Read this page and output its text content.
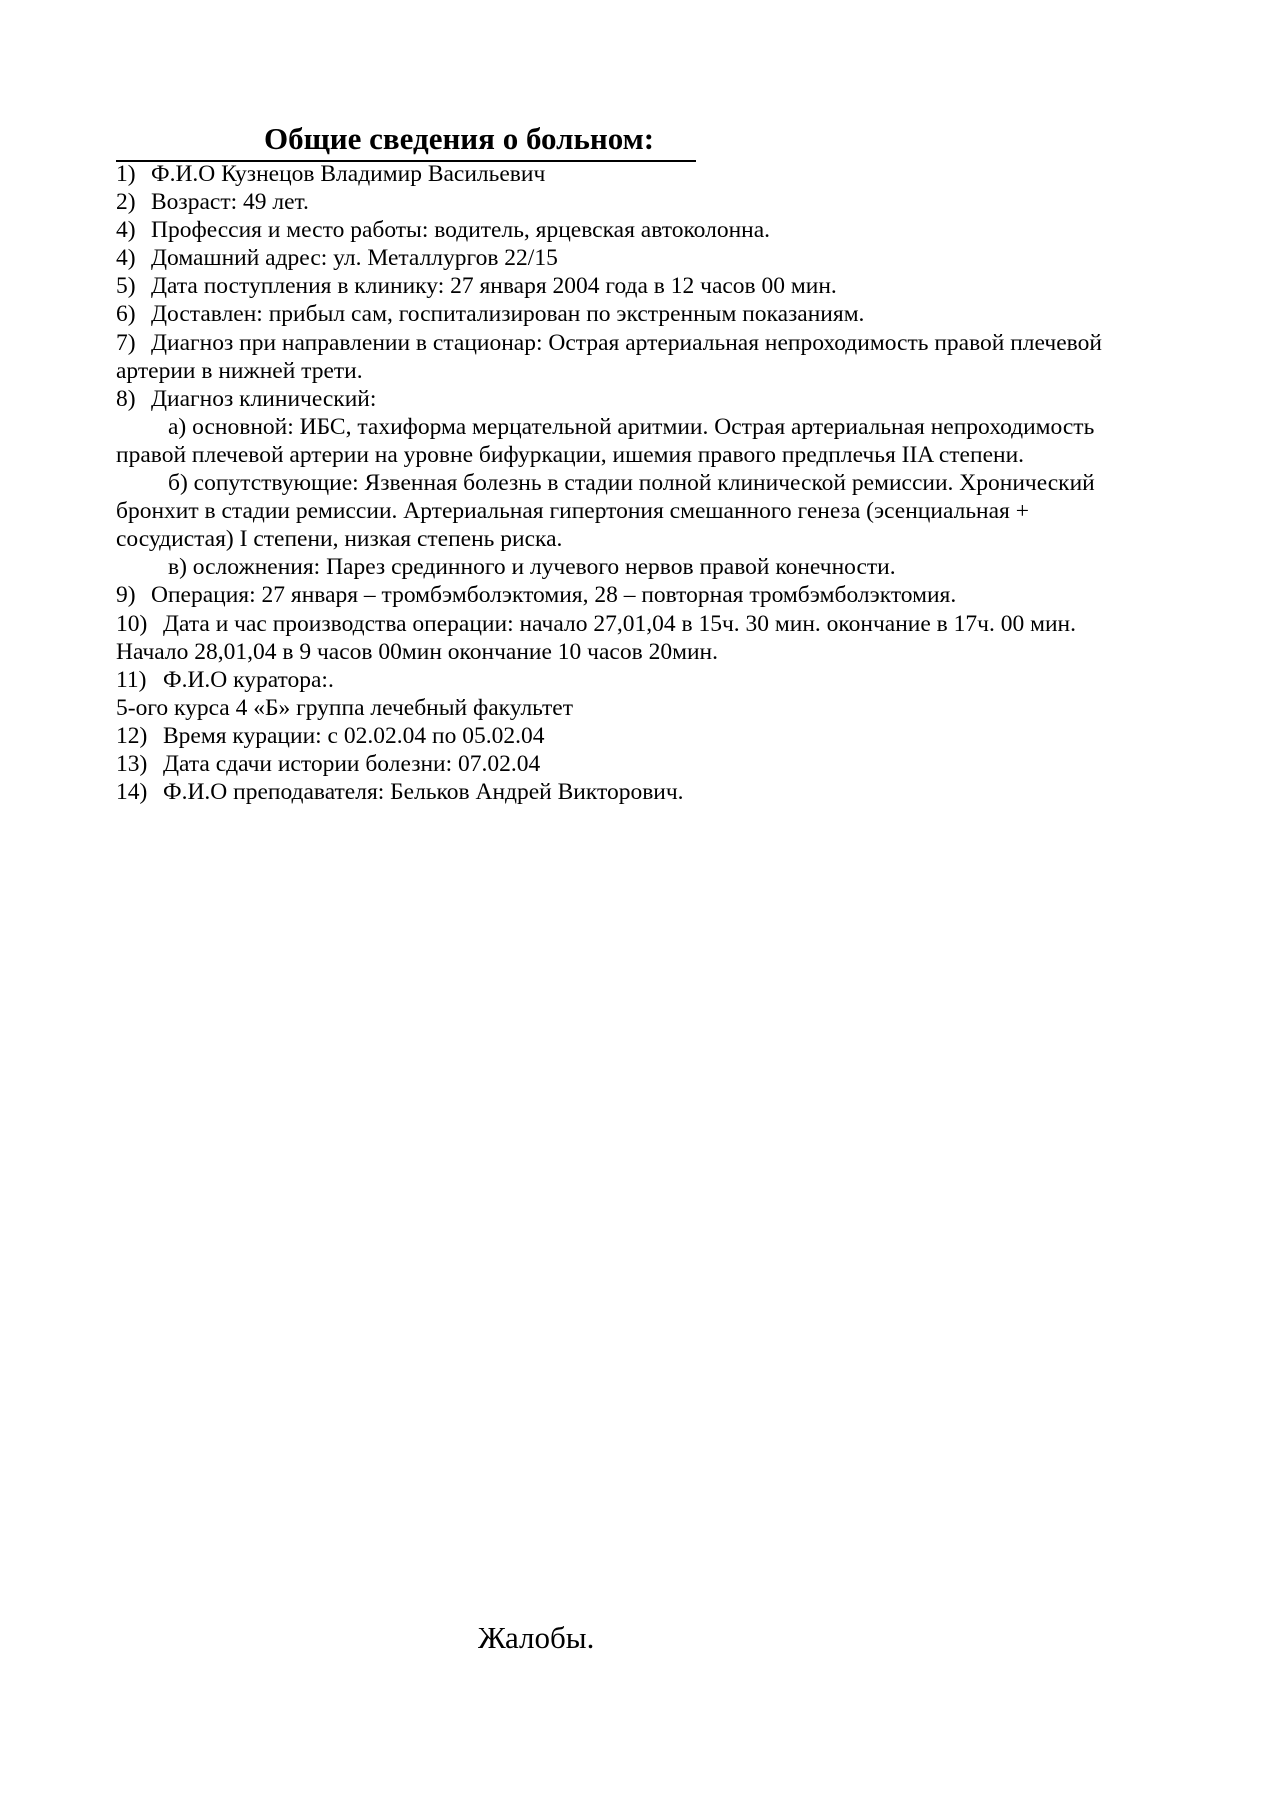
Общие сведения о больном:
1) Ф.И.О Кузнецов Владимир Васильевич
2) Возраст: 49 лет.
4) Профессия и место работы: водитель, ярцевская автоколонна.
4) Домашний адрес: ул. Металлургов 22/15
5) Дата поступления в клинику: 27 января 2004 года в 12 часов 00 мин.
6) Доставлен: прибыл сам, госпитализирован по экстренным показаниям.
7) Диагноз при направлении в стационар: Острая артериальная непроходимость правой плечевой
артерии в нижней трети.
8) Диагноз клинический:
а) основной: ИБС, тахиформа мерцательной аритмии. Острая артериальная непроходимость
правой плечевой артерии на уровне бифуркации, ишемия правого предплечья IIA степени.
б) сопутствующие: Язвенная болезнь в стадии полной клинической ремиссии. Хронический
бронхит в стадии ремиссии. Артериальная гипертония смешанного генеза (эсенциальная +
сосудистая) I степени, низкая степень риска.
в) осложнения: Парез срединного и лучевого нервов правой конечности.
9) Операция: 27 января – тромбэмболэктомия, 28 – повторная тромбэмболэктомия.
10) Дата и час производства операции: начало 27,01,04 в 15ч. 30 мин. окончание в 17ч. 00 мин.
Начало 28,01,04 в 9 часов 00мин окончание 10 часов 20мин.
11) Ф.И.О куратора:.
5-ого курса 4 «Б» группа лечебный факультет
12) Время курации: с 02.02.04 по 05.02.04
13) Дата сдачи истории болезни: 07.02.04
14) Ф.И.О преподавателя: Бельков Андрей Викторович.
Жалобы.
